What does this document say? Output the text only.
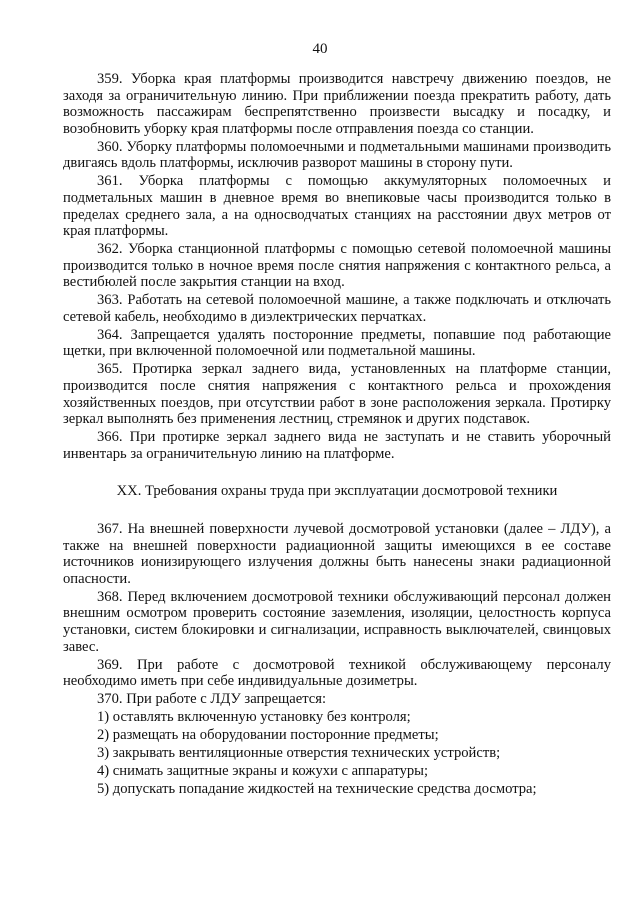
40

359. Уборка края платформы производится навстречу движению поездов, не заходя за ограничительную линию. При приближении поезда прекратить работу, дать возможность пассажирам беспрепятственно произвести высадку и посадку, и возобновить уборку края платформы после отправления поезда со станции.

360. Уборку платформы поломоечными и подметальными машинами производить двигаясь вдоль платформы, исключив разворот машины в сторону пути.

361. Уборка платформы с помощью аккумуляторных поломоечных и подметальных машин в дневное время во внепиковые часы производится только в пределах среднего зала, а на односводчатых станциях на расстоянии двух метров от края платформы.

362. Уборка станционной платформы с помощью сетевой поломоечной машины производится только в ночное время после снятия напряжения с контактного рельса, а вестибюлей после закрытия станции на вход.

363. Работать на сетевой поломоечной машине, а также подключать и отключать сетевой кабель, необходимо в диэлектрических перчатках.

364. Запрещается удалять посторонние предметы, попавшие под работающие щетки, при включенной поломоечной или подметальной машины.

365. Протирка зеркал заднего вида, установленных на платформе станции, производится после снятия напряжения с контактного рельса и прохождения хозяйственных поездов, при отсутствии работ в зоне расположения зеркала. Протирку зеркал выполнять без применения лестниц, стремянок и других подставок.

366. При протирке зеркал заднего вида не заступать и не ставить уборочный инвентарь за ограничительную линию на платформе.

XX. Требования охраны труда при эксплуатации досмотровой техники

367. На внешней поверхности лучевой досмотровой установки (далее – ЛДУ), а также на внешней поверхности радиационной защиты имеющихся в ее составе источников ионизирующего излучения должны быть нанесены знаки радиационной опасности.

368. Перед включением досмотровой техники обслуживающий персонал должен внешним осмотром проверить состояние заземления, изоляции, целостность корпуса установки, систем блокировки и сигнализации, исправность выключателей, свинцовых завес.

369. При работе с досмотровой техникой обслуживающему персоналу необходимо иметь при себе индивидуальные дозиметры.

370. При работе с ЛДУ запрещается:

1) оставлять включенную установку без контроля;

2) размещать на оборудовании посторонние предметы;

3) закрывать вентиляционные отверстия технических устройств;

4) снимать защитные экраны и кожухи с аппаратуры;

5) допускать попадание жидкостей на технические средства досмотра;
